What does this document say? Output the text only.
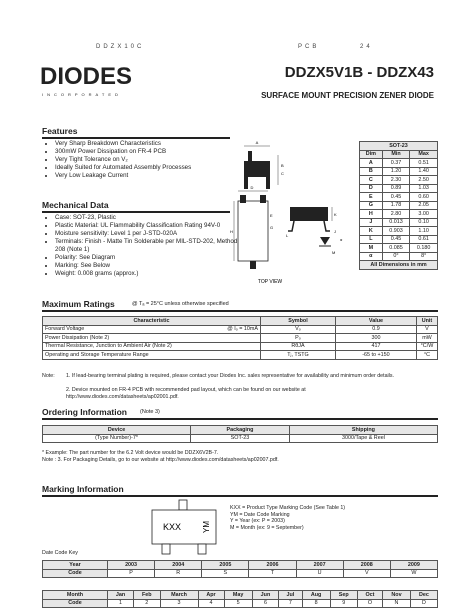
DDZX10C	PCB	24
DIODES
INCORPORATED
DDZX5V1B - DDZX43
SURFACE MOUNT PRECISION ZENER DIODE
Features
• Very Sharp Breakdown Characteristics
• 300mW Power Dissipation on FR-4 PCB
• Very Tight Tolerance on V₂
• Ideally Suited for Automated Assembly Processes
• Very Low Leakage Current
Mechanical Data
• Case: SOT-23, Plastic
• Plastic Material: UL Flammability Classification Rating 94V-0
• Moisture sensitivity: Level 1 per J-STD-020A
• Terminals: Finish - Matte Tin Solderable per MIL-STD-202, Method 208 (Note 1)
• Polarity: See Diagram
• Marking: See Below
• Weight: 0.008 grams (approx.)
A
B
C
D
E
G
H
K
J
L
M
α
TOP VIEW
SOT-23		
Dim	Min	Max
A	0.37	0.51
B	1.20	1.40
C	2.30	2.50
D	0.89	1.03
E	0.45	0.60
G	1.78	2.05
H	2.80	3.00
J	0.013	0.10
K	0.903	1.10
L	0.45	0.61
M	0.085	0.180
α	0°	8°
All Dimensions in mm		
Maximum Ratings	@ Tₐ = 25°C unless otherwise specified
Characteristic		Symbol	Value	Unit
Forward Voltage	@ Iₒ = 10mA	Vₒ	0.9	V
Power Dissipation (Note 2)		Pₒ	300	mW
Thermal Resistance, Junction to Ambient Air (Note 2)		RθJA	417	°C/W
Operating and Storage Temperature Range		Tⱼ, TSTG	-65 to +150	°C
Note: 1. If lead-bearing terminal plating is required, please contact your Diodes Inc. sales representative for availability and minimum order details.
2. Device mounted on FR-4 PCB with recommended pad layout, which can be found on our website at http://www.diodes.com/datasheets/ap02001.pdf.
Ordering Information (Note 3)
Device	Packaging	Shipping
(Type Number)-7*	SOT-23	3000/Tape & Reel
* Example: The part number for the 6.2 Volt device would be DDZX6V2B-7.
Note : 3. For Packaging Details, go to our website at http://www.diodes.com/datasheets/ap02007.pdf.
Marking Information
KXX	YM
KXX = Product Type Marking Code (See Table 1)
YM = Date Code Marking
Y = Year (ex: P = 2003)
M = Month (ex: 9 = September)
Date Code Key
Year	2003	2004	2005	2006	2007	2008	2009
Code	P	R	S	T	U	V	W
Month	Jan	Feb	March	Apr	May	Jun	Jul	Aug	Sep	Oct	Nov	Dec
Code	1	2	3	4	5	6	7	8	9	O	N	D
